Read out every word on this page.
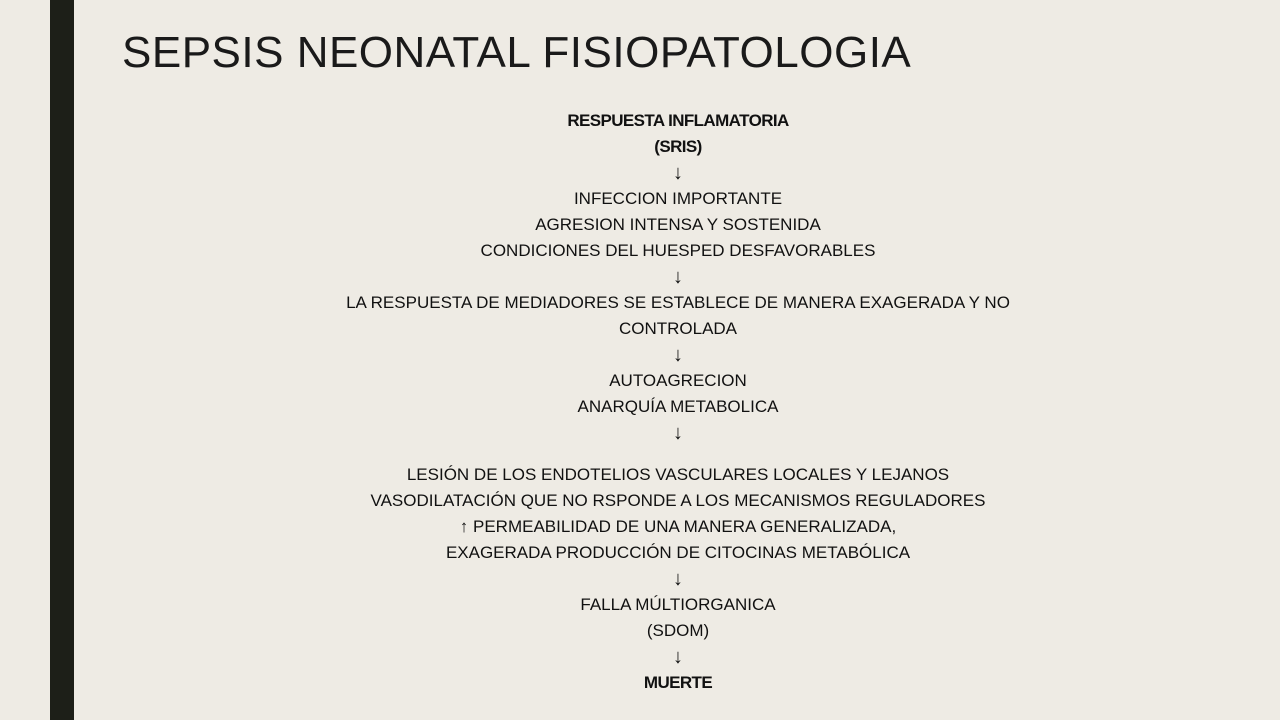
SEPSIS NEONATAL FISIOPATOLOGIA
RESPUESTA INFLAMATORIA
(SRIS)
↓
INFECCION IMPORTANTE
AGRESION INTENSA Y SOSTENIDA
CONDICIONES DEL HUESPED DESFAVORABLES
↓
LA RESPUESTA DE MEDIADORES SE ESTABLECE DE MANERA EXAGERADA Y NO
CONTROLADA
↓
AUTOAGRECION
ANARQUÍA METABOLICA
↓
LESIÓN DE LOS ENDOTELIOS VASCULARES LOCALES Y LEJANOS
VASODILATACIÓN QUE NO RSPONDE A LOS MECANISMOS REGULADORES
↑ PERMEABILIDAD DE UNA MANERA GENERALIZADA,
EXAGERADA PRODUCCIÓN DE CITOCINAS METABÓLICA
↓
FALLA MÚLTIORGANICA
(SDOM)
↓
MUERTE
